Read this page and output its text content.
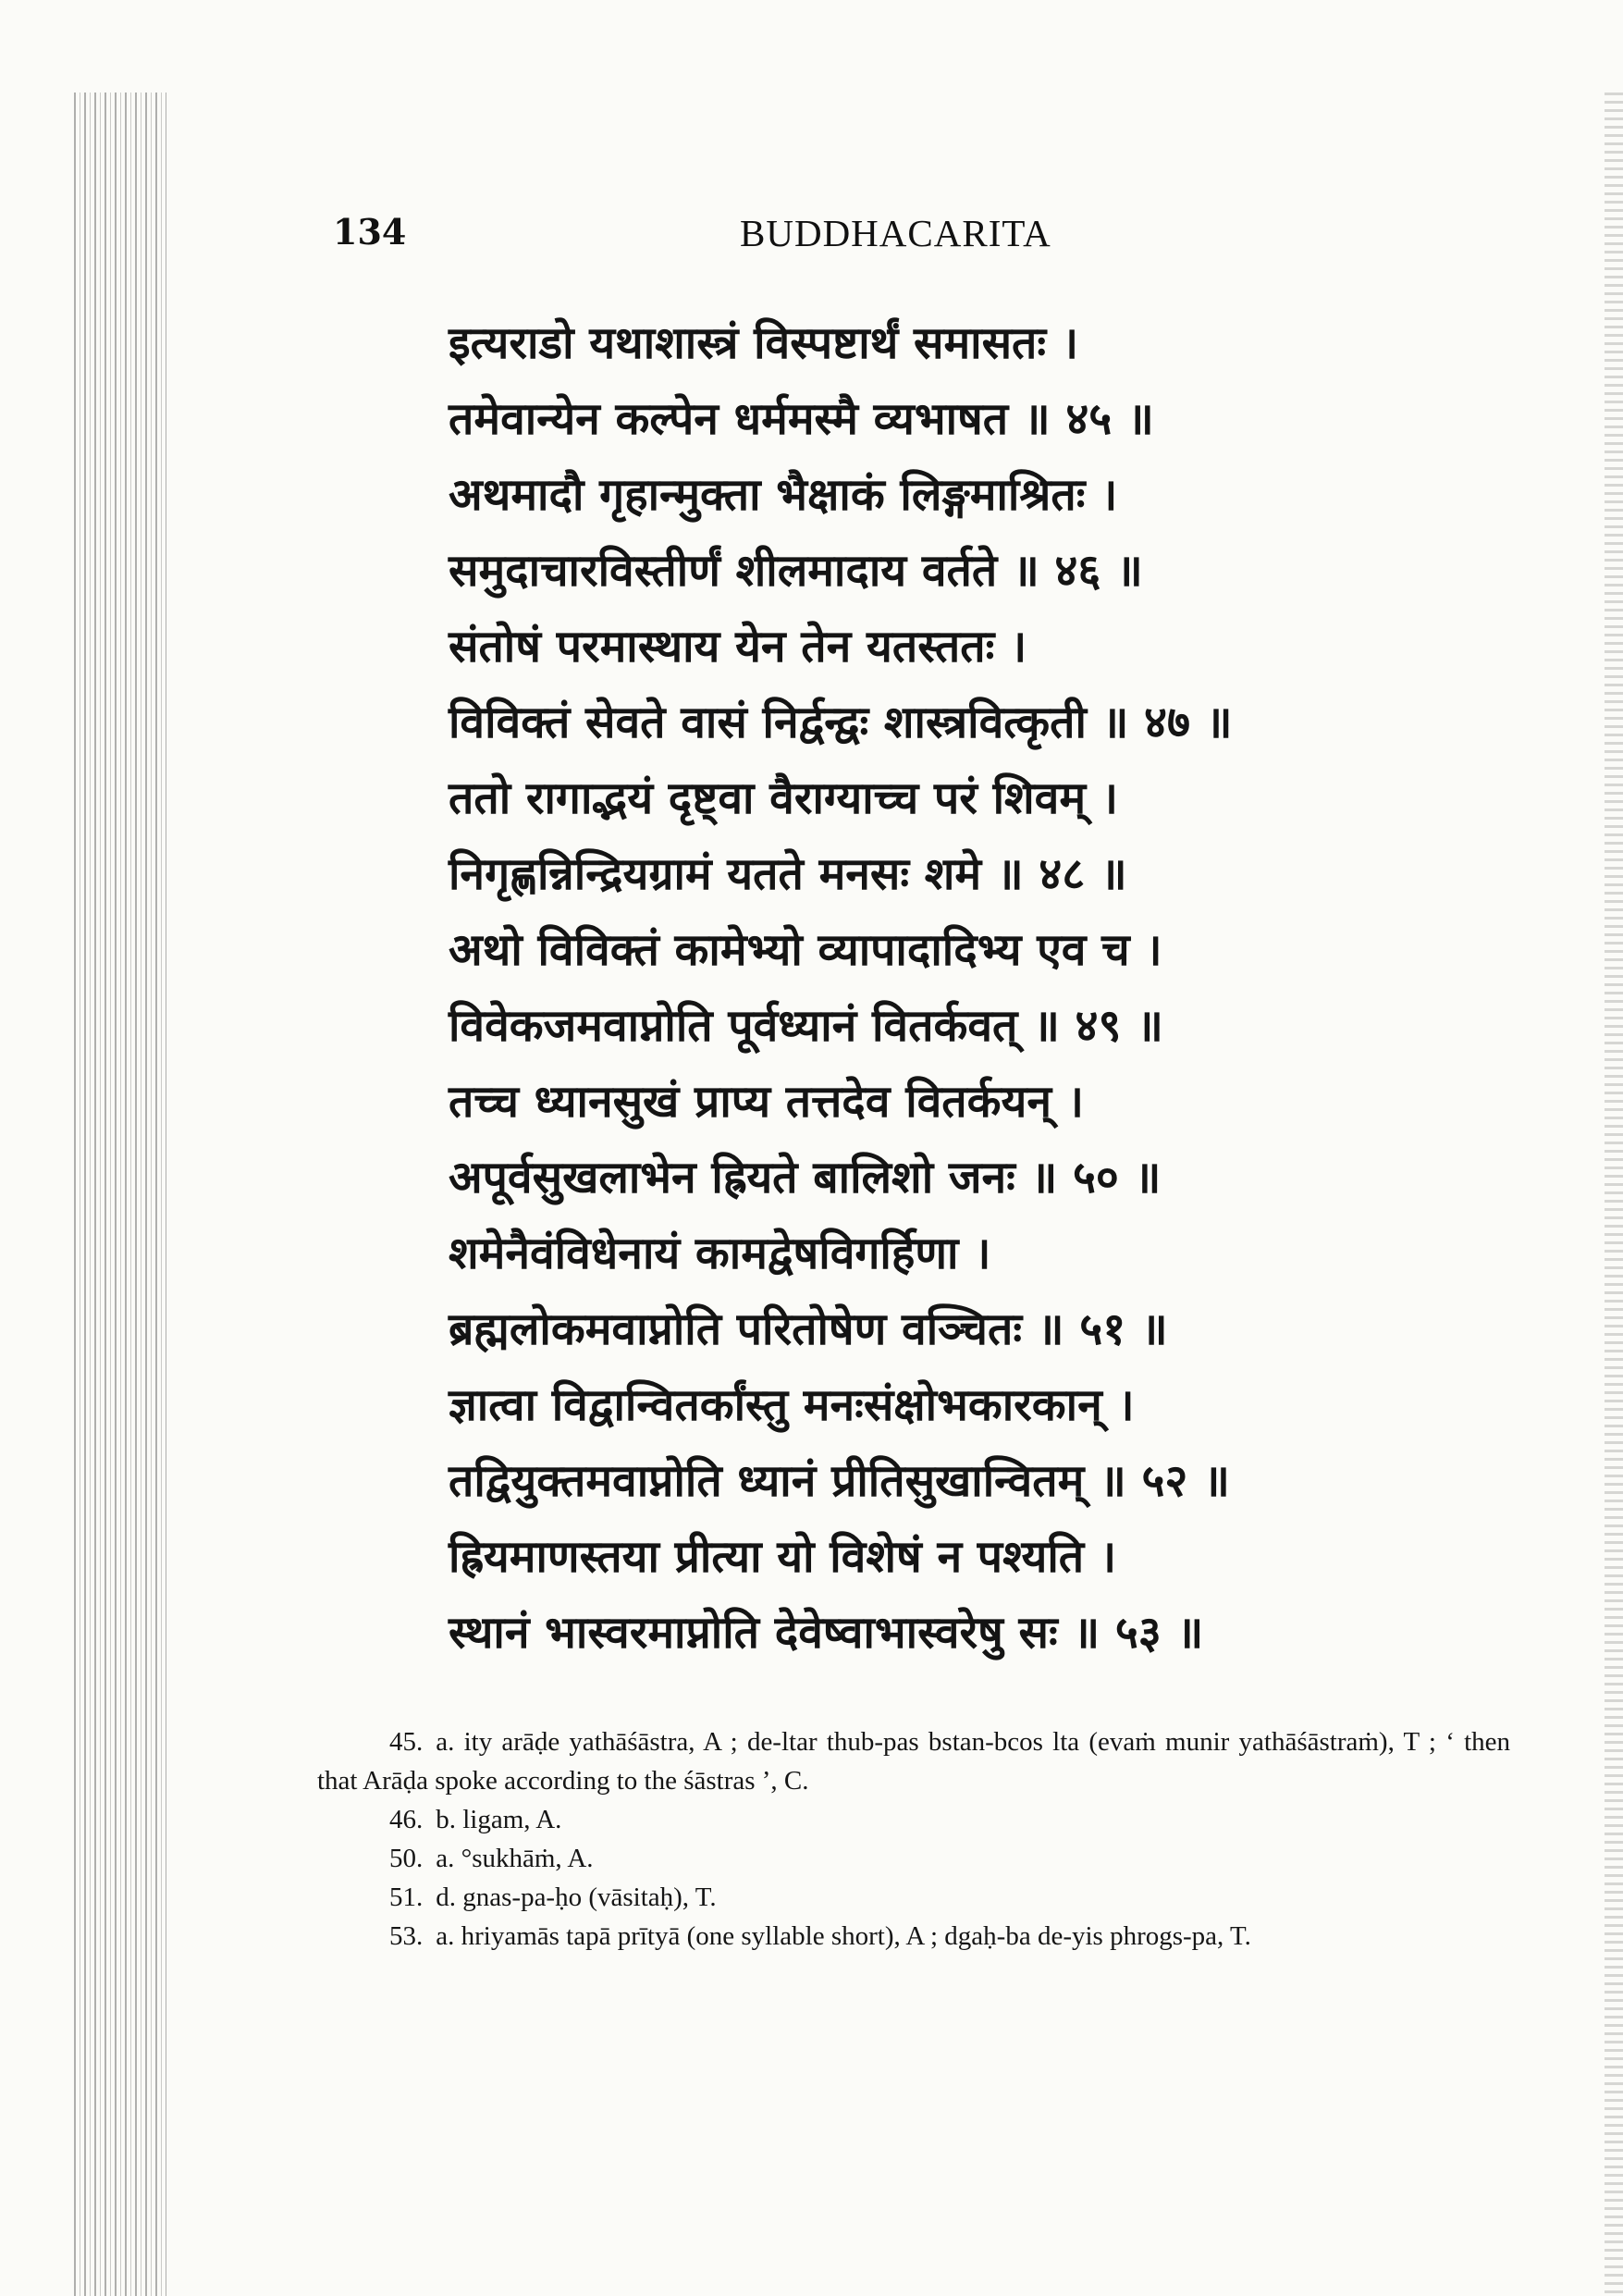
134	BUDDHACARITA
इत्यराडो यथाशास्त्रं विस्पष्टार्थं समासतः ।
तमेवान्येन कल्पेन धर्ममस्मै व्यभाषत ॥ ४५ ॥
अथमादौ गृहान्मुक्ता भैक्षाकं लिङ्गमाश्रितः ।
समुदाचारविस्तीर्णं शीलमादाय वर्तते ॥ ४६ ॥
संतोषं परमास्थाय येन तेन यतस्ततः ।
विविक्तं सेवते वासं निर्द्वन्द्वः शास्त्रवित्कृती ॥ ४७ ॥
ततो रागाद्भयं दृष्ट्वा वैराग्याच्च परं शिवम् ।
निगृह्णन्निन्द्रियग्रामं यतते मनसः शमे ॥ ४८ ॥
अथो विविक्तं कामेभ्यो व्यापादादिभ्य एव च ।
विवेकजमवाप्नोति पूर्वध्यानं वितर्कवत् ॥ ४९ ॥
तच्च ध्यानसुखं प्राप्य तत्तदेव वितर्कयन् ।
अपूर्वसुखलाभेन ह्रियते बालिशो जनः ॥ ५० ॥
शमेनैवंविधेनायं कामद्वेषविगर्हिणा ।
ब्रह्मलोकमवाप्नोति परितोषेण वञ्चितः ॥ ५१ ॥
ज्ञात्वा विद्वान्वितर्कांस्तु मनःसंक्षोभकारकान् ।
तद्वियुक्तमवाप्नोति ध्यानं प्रीतिसुखान्वितम् ॥ ५२ ॥
ह्रियमाणस्तया प्रीत्या यो विशेषं न पश्यति ।
स्थानं भास्वरमाप्नोति देवेष्वाभास्वरेषु सः ॥ ५३ ॥

45. a. ity arāḍe yathāśāstra, A ; de-ltar thub-pas bstan-bcos lta (evaṁ munir yathāśāstraṁ), T ; ‘ then that Arāḍa spoke according to the śāstras ’, C.

46. b. ligam, A.

50. a. °sukhāṁ, A.

51. d. gnas-pa-ḥo (vāsitaḥ), T.

53. a. hriyamās tapā prītyā (one syllable short), A ; dgaḥ-ba de-yis phrogs-pa, T.
